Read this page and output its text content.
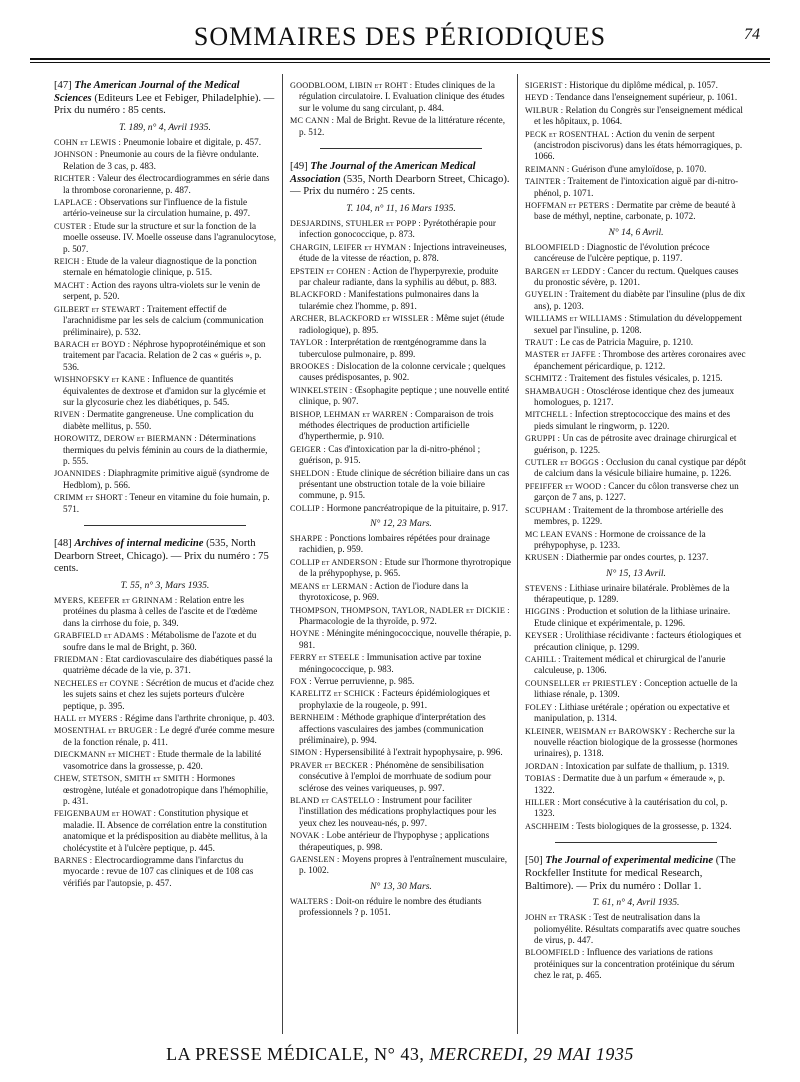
SOMMAIRES DES PÉRIODIQUES	74
[47] The American Journal of the Medical Sciences (Editeurs Lee et Febiger, Philadelphie). — Prix du numéro : 85 cents.
T. 189, n° 4, Avril 1935.
COHN et LEWIS : Pneumonie lobaire et digitale, p. 457.
JOHNSON : Pneumonie au cours de la fièvre ondulante. Relation de 3 cas, p. 483.
RICHTER : Valeur des électrocardiogrammes en série dans la thrombose coronarienne, p. 487.
LAPLACE : Observations sur l'influence de la fistule artério-veineuse sur la circulation humaine, p. 497.
CUSTER : Etude sur la structure et sur la fonction de la moelle osseuse. IV. Moelle osseuse dans l'agranulocytose, p. 507.
REICH : Etude de la valeur diagnostique de la ponction sternale en hématologie clinique, p. 515.
MACHT : Action des rayons ultra-violets sur le venin de serpent, p. 520.
GILBERT et STEWART : Traitement effectif de l'arachnidisme par les sels de calcium (communication préliminaire), p. 532.
BARACH et BOYD : Néphrose hypoprotéinémique et son traitement par l'acacia. Relation de 2 cas « guéris », p. 536.
WISHNOFSKY et KANE : Influence de quantités équivalentes de dextrose et d'amidon sur la glycémie et sur la glycosurie chez les diabétiques, p. 545.
RIVEN : Dermatite gangreneuse. Une complication du diabète mellitus, p. 550.
HOROWITZ, DEROW et BIERMANN : Déterminations thermiques du pelvis féminin au cours de la diathermie, p. 555.
JOANNIDES : Diaphragmite primitive aiguë (syndrome de Hedblom), p. 566.
CRIMM et SHORT : Teneur en vitamine du foie humain, p. 571.
[48] Archives of internal medicine (535, North Dearborn Street, Chicago). — Prix du numéro : 75 cents.
T. 55, n° 3, Mars 1935.
MYERS, KEEFER et GRINNAM : Relation entre les protéines du plasma à celles de l'ascite et de l'œdème dans la cirrhose du foie, p. 349.
GRABFIELD et ADAMS : Métabolisme de l'azote et du soufre dans le mal de Bright, p. 360.
FRIEDMAN : Etat cardiovasculaire des diabétiques passé la quatrième décade de la vie, p. 371.
NECHELES et COYNE : Sécrétion de mucus et d'acide chez les sujets sains et chez les sujets porteurs d'ulcère peptique, p. 395.
HALL et MYERS : Régime dans l'arthrite chronique, p. 403.
MOSENTHAL et BRUGER : Le degré d'urée comme mesure de la fonction rénale, p. 411.
DIECKMANN et MICHET : Etude thermale de la labilité vasomotrice dans la grossesse, p. 420.
CHEW, STETSON, SMITH et SMITH : Hormones œstrogène, lutéale et gonadotropique dans l'hémophilie, p. 431.
FEIGENBAUM et HOWAT : Constitution physique et maladie. II. Absence de corrélation entre la constitution anatomique et la prédisposition au diabète mellitus, à la cholécystite et à l'ulcère peptique, p. 445.
BARNES : Electrocardiogramme dans l'infarctus du myocarde : revue de 107 cas cliniques et de 108 cas vérifiés par l'autopsie, p. 457.
GOODBLOOM, LIBIN et ROHT : Etudes cliniques de la régulation circulatoire. I. Evaluation clinique des études sur le volume du sang circulant, p. 484.
MC CANN : Mal de Bright. Revue de la littérature récente, p. 512.
[49] The Journal of the American Medical Association (535, North Dearborn Street, Chicago). — Prix du numéro : 25 cents.
T. 104, n° 11, 16 Mars 1935.
DESJARDINS, STUHLER et POPP : Pyrétothérapie pour infection gonococcique, p. 873.
CHARGIN, LEIFER et HYMAN : Injections intraveineuses, étude de la vitesse de réaction, p. 878.
EPSTEIN et COHEN : Action de l'hyperpyrexie, produite par chaleur radiante, dans la syphilis au début, p. 883.
BLACKFORD : Manifestations pulmonaires dans la tularémie chez l'homme, p. 891.
ARCHER, BLACKFORD et WISSLER : Même sujet (étude radiologique), p. 895.
TAYLOR : Interprétation de rœntgénogramme dans la tuberculose pulmonaire, p. 899.
BROOKES : Dislocation de la colonne cervicale ; quelques causes prédisposantes, p. 902.
WINKELSTEIN : Œsophagite peptique ; une nouvelle entité clinique, p. 907.
BISHOP, LEHMAN et WARREN : Comparaison de trois méthodes électriques de production artificielle d'hyperthermie, p. 910.
GEIGER : Cas d'intoxication par la di-nitro-phénol ; guérison, p. 915.
SHELDON : Etude clinique de sécrétion biliaire dans un cas présentant une obstruction totale de la voie biliaire commune, p. 915.
COLLIP : Hormone pancréatropique de la pituitaire, p. 917.
N° 12, 23 Mars.
SHARPE : Ponctions lombaires répétées pour drainage rachidien, p. 959.
COLLIP et ANDERSON : Etude sur l'hormone thyrotropique de la préhypophyse, p. 965.
MEANS et LERMAN : Action de l'iodure dans la thyrotoxicose, p. 969.
THOMPSON, THOMPSON, TAYLOR, NADLER et DICKIE : Pharmacologie de la thyroïde, p. 972.
HOYNE : Méningite méningococcique, nouvelle thérapie, p. 981.
FERRY et STEELE : Immunisation active par toxine méningococcique, p. 983.
FOX : Verrue perruvienne, p. 985.
KARELITZ et SCHICK : Facteurs épidémiologiques et prophylaxie de la rougeole, p. 991.
BERNHEIM : Méthode graphique d'interprétation des affections vasculaires des jambes (communication préliminaire), p. 994.
SIMON : Hypersensibilité à l'extrait hypophysaire, p. 996.
PRAVER et BECKER : Phénomène de sensibilisation consécutive à l'emploi de morrhuate de sodium pour sclérose des veines variqueuses, p. 997.
BLAND et CASTELLO : Instrument pour faciliter l'instillation des médications prophylactiques pour les yeux chez les nouveau-nés, p. 997.
NOVAK : Lobe antérieur de l'hypophyse ; applications thérapeutiques, p. 998.
GAENSLEN : Moyens propres à l'entraînement musculaire, p. 1002.
N° 13, 30 Mars.
WALTERS : Doit-on réduire le nombre des étudiants professionnels ? p. 1051.
SIGERIST : Historique du diplôme médical, p. 1057.
HEYD : Tendance dans l'enseignement supérieur, p. 1061.
WILBUR : Relation du Congrès sur l'enseignement médical et les hôpitaux, p. 1064.
PECK et ROSENTHAL : Action du venin de serpent (ancistrodon piscivorus) dans les états hémorragiques, p. 1066.
REIMANN : Guérison d'une amyloïdose, p. 1070.
TAINTER : Traitement de l'intoxication aiguë par di-nitro-phénol, p. 1071.
HOFFMAN et PETERS : Dermatite par crème de beauté à base de méthyl, neptine, carbonate, p. 1072.
N° 14, 6 Avril.
BLOOMFIELD : Diagnostic de l'évolution précoce cancéreuse de l'ulcère peptique, p. 1197.
BARGEN et LEDDY : Cancer du rectum. Quelques causes du pronostic sévère, p. 1201.
GUYELIN : Traitement du diabète par l'insuline (plus de dix ans), p. 1203.
WILLIAMS et WILLIAMS : Stimulation du développement sexuel par l'insuline, p. 1208.
TRAUT : Le cas de Patricia Maguire, p. 1210.
MASTER et JAFFE : Thrombose des artères coronaires avec épanchement péricardique, p. 1212.
SCHMITZ : Traitement des fistules vésicales, p. 1215.
SHAMBAUGH : Otosclérose identique chez des jumeaux homologues, p. 1217.
MITCHELL : Infection streptococcique des mains et des pieds simulant le ringworm, p. 1220.
GRUPPI : Un cas de pétrosite avec drainage chirurgical et guérison, p. 1225.
CUTLER et BOGGS : Occlusion du canal cystique par dépôt de calcium dans la vésicule biliaire humaine, p. 1226.
PFEIFFER et WOOD : Cancer du côlon transverse chez un garçon de 7 ans, p. 1227.
SCUPHAM : Traitement de la thrombose artérielle des membres, p. 1229.
MC LEAN EVANS : Hormone de croissance de la préhypophyse, p. 1233.
KRUSEN : Diathermie par ondes courtes, p. 1237.
N° 15, 13 Avril.
STEVENS : Lithiase urinaire bilatérale. Problèmes de la thérapeutique, p. 1289.
HIGGINS : Production et solution de la lithiase urinaire. Etude clinique et expérimentale, p. 1296.
KEYSER : Urolithiase récidivante : facteurs étiologiques et précaution clinique, p. 1299.
CAHILL : Traitement médical et chirurgical de l'anurie calculeuse, p. 1306.
COUNSELLER et PRIESTLEY : Conception actuelle de la lithiase rénale, p. 1309.
FOLEY : Lithiase urétérale ; opération ou expectative et manipulation, p. 1314.
KLEINER, WEISMAN et BAROWSKY : Recherche sur la nouvelle réaction biologique de la grossesse (hormones urinaires), p. 1318.
JORDAN : Intoxication par sulfate de thallium, p. 1319.
TOBIAS : Dermatite due à un parfum « émeraude », p. 1322.
HILLER : Mort consécutive à la cautérisation du col, p. 1323.
ASCHHEIM : Tests biologiques de la grossesse, p. 1324.
[50] The Journal of experimental medicine (The Rockfeller Institute for medical Research, Baltimore). — Prix du numéro : Dollar 1.
T. 61, n° 4, Avril 1935.
JOHN et TRASK : Test de neutralisation dans la poliomyélite. Résultats comparatifs avec quatre souches de virus, p. 447.
BLOOMFIELD : Influence des variations de rations protéiniques sur la concentration protéinique du sérum chez le rat, p. 465.
LA PRESSE MÉDICALE, N° 43, MERCREDI, 29 MAI 1935
